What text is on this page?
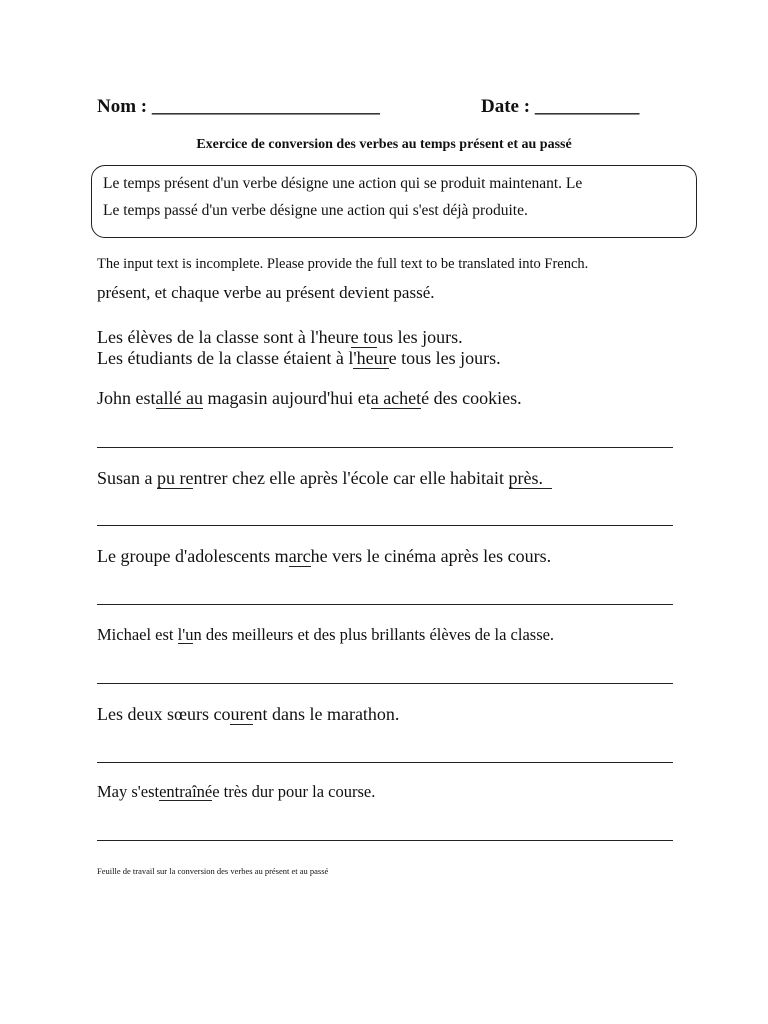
Nom : ________________________	Date : ___________
Exercice de conversion des verbes au temps présent et au passé
Le temps présent d'un verbe désigne une action qui se produit maintenant. Le
Le temps passé d'un verbe désigne une action qui s'est déjà produite.
The input text is incomplete. Please provide the full text to be translated into French.
présent, et chaque verbe au présent devient passé.
Les élèves de la classe sont à l'heure tous les jours.
Les étudiants de la classe étaient à l'heure tous les jours.
John estallé au magasin aujourd'hui eta acheté des cookies.
Susan a pu rentrer chez elle après l'école car elle habitait près.
Le groupe d'adolescents marche vers le cinéma après les cours.
Michael est l'un des meilleurs et des plus brillants élèves de la classe.
Les deux sœurs courent dans le marathon.
May s'estentraînée très dur pour la course.
Feuille de travail sur la conversion des verbes au présent et au passé
